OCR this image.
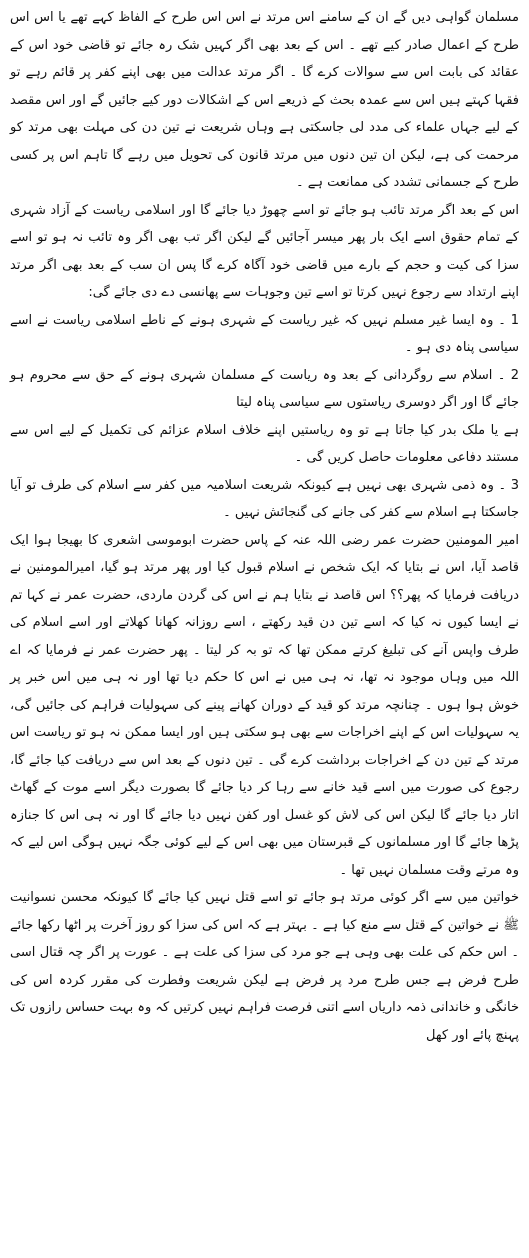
مسلمان گواہی دیں گے ان کے سامنے اس مرتد نے اس اس طرح کے الفاظ کہے تھے یا اس اس طرح کے اعمال صادر کیے تھے ۔ اس کے بعد بھی اگر کہیں شک رہ جائے تو قاضی خود اس کے عقائد کی بابت اس سے سوالات کرے گا ۔ اگر مرتد عدالت میں بھی اپنے کفر پر قائم رہے تو فقہا کہتے ہیں اس سے عمدہ بحث کے ذریعے اس کے اشکالات دور کیے جائیں گے اور اس مقصد کے لیے جہاں علماء کی مدد لی جاسکتی ہے وہاں شریعت نے تین دن کی مہلت بھی مرتد کو مرحمت کی ہے، لیکن ان تین دنوں میں مرتد قانون کی تحویل میں رہے گا تاہم اس پر کسی طرح کے جسمانی تشدد کی ممانعت ہے ۔

اس کے بعد اگر مرتد تائب ہو جائے تو اسے چھوڑ دیا جائے گا اور اسلامی ریاست کے آزاد شہری کے تمام حقوق اسے ایک بار پھر میسر آجائیں گے لیکن اگر تب بھی اگر وہ تائب نہ ہو تو اسے سزا کی کیت و حجم کے بارے میں قاضی خود آگاہ کرے گا پس ان سب کے بعد بھی اگر مرتد اپنے ارتداد سے رجوع نہیں کرتا تو اسے تین وجوہات سے پھانسی دے دی جائے گی:

1 ۔ وہ ایسا غیر مسلم نہیں کہ غیر ریاست کے شہری ہونے کے ناطے اسلامی ریاست نے اسے سیاسی پناہ دی ہو ۔

2 ۔ اسلام سے روگردانی کے بعد وہ ریاست کے مسلمان شہری ہونے کے حق سے محروم ہو جائے گا اور اگر دوسری ریاستوں سے سیاسی پناہ لیتا

ہے یا ملک بدر کیا جاتا ہے تو وہ ریاستیں اپنے خلاف اسلام عزائم کی تکمیل کے لیے اس سے مستند دفاعی معلومات حاصل کریں گی ۔

3 ۔ وہ ذمی شہری بھی نہیں ہے کیونکہ شریعت اسلامیہ میں کفر سے اسلام کی طرف تو آیا جاسکتا ہے اسلام سے کفر کی جانے کی گنجائش نہیں ۔

امیر المومنین حضرت عمر رضی اللہ عنہ کے پاس حضرت ابوموسی اشعری کا بھیجا ہوا ایک قاصد آیا، اس نے بتایا کہ ایک شخص نے اسلام قبول کیا اور پھر مرتد ہو گیا، امیرالمومنین نے دریافت فرمایا کہ پھر؟؟ اس قاصد نے بتایا ہم نے اس کی گردن ماردی، حضرت عمر نے کہا تم نے ایسا کیوں نہ کیا کہ اسے تین دن قید رکھتے ، اسے روزانہ کھانا کھلاتے اور اسے اسلام کی طرف واپس آنے کی تبلیغ کرتے ممکن تھا کہ تو بہ کر لیتا ۔ پھر حضرت عمر نے فرمایا کہ اے اللہ میں وہاں موجود نہ تھا، نہ ہی میں نے اس کا حکم دیا تھا اور نہ ہی میں اس خبر پر خوش ہوا ہوں ۔ چنانچہ مرتد کو قید کے دوران کھانے پینے کی سہولیات فراہم کی جائیں گی، یہ سہولیات اس کے اپنے اخراجات سے بھی ہو سکتی ہیں اور ایسا ممکن نہ ہو تو ریاست اس مرتد کے تین دن کے اخراجات برداشت کرے گی ۔ تین دنوں کے بعد اس سے دریافت کیا جائے گا، رجوع کی صورت میں اسے قید خانے سے رہا کر دیا جائے گا بصورت دیگر اسے موت کے گھاٹ اتار دیا جائے گا لیکن اس کی لاش کو غسل اور کفن نہیں دیا جائے گا اور نہ ہی اس کا جنازہ پڑھا جائے گا اور مسلمانوں کے قبرستان میں بھی اس کے لیے کوئی جگہ نہیں ہوگی اس لیے کہ وہ مرتے وقت مسلمان نہیں تھا ۔

خواتین میں سے اگر کوئی مرتد ہو جائے تو اسے قتل نہیں کیا جائے گا کیونکہ محسن نسوانیت ﷺ نے خواتین کے قتل سے منع کیا ہے ۔ بہتر ہے کہ اس کی سزا کو روز آخرت پر اٹھا رکھا جائے ۔ اس حکم کی علت بھی وہی ہے جو مرد کی سزا کی علت ہے ۔ عورت پر اگر چہ قتال اسی طرح فرض ہے جس طرح مرد پر فرض ہے لیکن شریعت وفطرت کی مقرر کردہ اس کی خانگی و خاندانی ذمہ داریاں اسے اتنی فرصت فراہم نہیں کرتیں کہ وہ بہت حساس رازوں تک پہنچ پائے اور کھل
